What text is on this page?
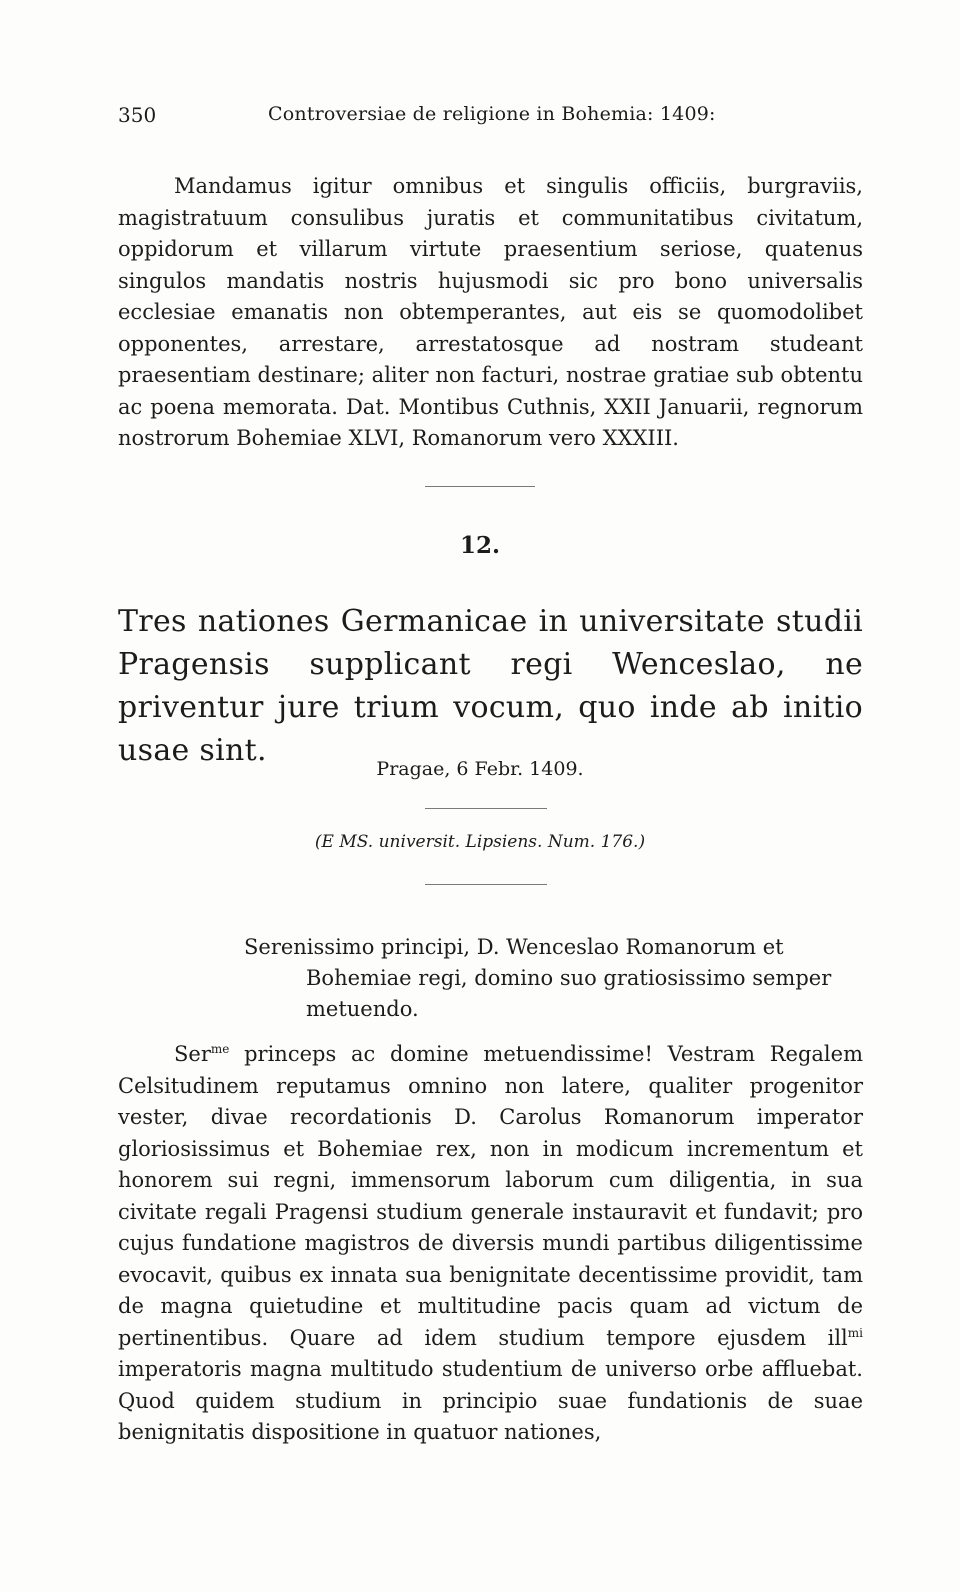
350	Controversiae de religione in Bohemia: 1409:

Mandamus igitur omnibus et singulis officiis, burgraviis, magistratuum consulibus juratis et communitatibus civitatum, oppidorum et villarum virtute praesentium seriose, quatenus singulos mandatis nostris hujusmodi sic pro bono universalis ecclesiae emanatis non obtemperantes, aut eis se quomodolibet opponentes, arrestare, arrestatosque ad nostram studeant praesentiam destinare; aliter non facturi, nostrae gratiae sub obtentu ac poena memorata. Dat. Montibus Cuthnis, XXII Januarii, regnorum nostrorum Bohemiae XLVI, Romanorum vero XXXIII.

12.
Tres nationes Germanicae in universitate studii Pragensis supplicant regi Wenceslao, ne priventur jure trium vocum, quo inde ab initio usae sint.
Pragae, 6 Febr. 1409.
(E MS. universit. Lipsiens. Num. 176.)
Serenissimo principi, D. Wenceslao Romanorum et
Bohemiae regi, domino suo gratiosissimo semper
metuendo.

Ser$^{me}$ princeps ac domine metuendissime! Vestram Regalem Celsitudinem reputamus omnino non latere, qualiter progenitor vester, divae recordationis D. Carolus Romanorum imperator gloriosissimus et Bohemiae rex, non in modicum incrementum et honorem sui regni, immensorum laborum cum diligentia, in sua civitate regali Pragensi studium generale instauravit et fundavit; pro cujus fundatione magistros de diversis mundi partibus diligentissime evocavit, quibus ex innata sua benignitate decentissime providit, tam de magna quietudine et multitudine pacis quam ad victum de pertinentibus. Quare ad idem studium tempore ejusdem ill$^{mi}$ imperatoris magna multitudo studentium de universo orbe affluebat. Quod quidem studium in principio suae fundationis de suae benignitatis dispositione in quatuor nationes,
